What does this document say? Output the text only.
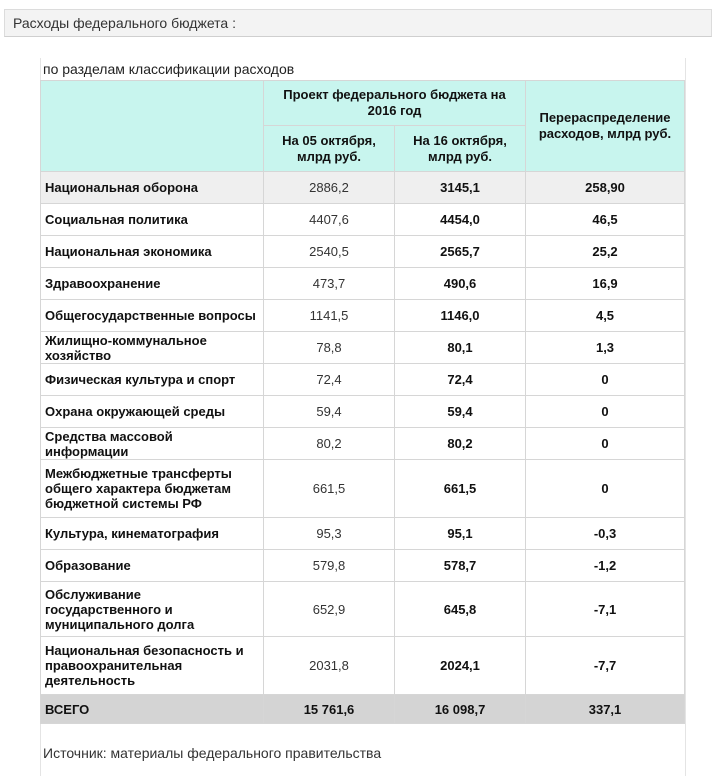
Расходы федерального бюджета :
по разделам классификации расходов
	Проект федерального бюджета на 2016 год		Перераспределение расходов, млрд руб.
	На 05 октября, млрд руб.	На 16 октября, млрд руб.	
Национальная оборона	2886,2	3145,1	258,90
Социальная политика	4407,6	4454,0	46,5
Национальная экономика	2540,5	2565,7	25,2
Здравоохранение	473,7	490,6	16,9
Общегосударственные вопросы	1141,5	1146,0	4,5
Жилищно-коммунальное хозяйство	78,8	80,1	1,3
Физическая культура и спорт	72,4	72,4	0
Охрана окружающей среды	59,4	59,4	0
Средства массовой информации	80,2	80,2	0
Межбюджетные трансферты общего характера бюджетам бюджетной системы РФ	661,5	661,5	0
Культура, кинематография	95,3	95,1	-0,3
Образование	579,8	578,7	-1,2
Обслуживание государственного и муниципального долга	652,9	645,8	-7,1
Национальная безопасность и правоохранительная деятельность	2031,8	2024,1	-7,7
ВСЕГО	15 761,6	16 098,7	337,1
Источник: материалы федерального правительства
